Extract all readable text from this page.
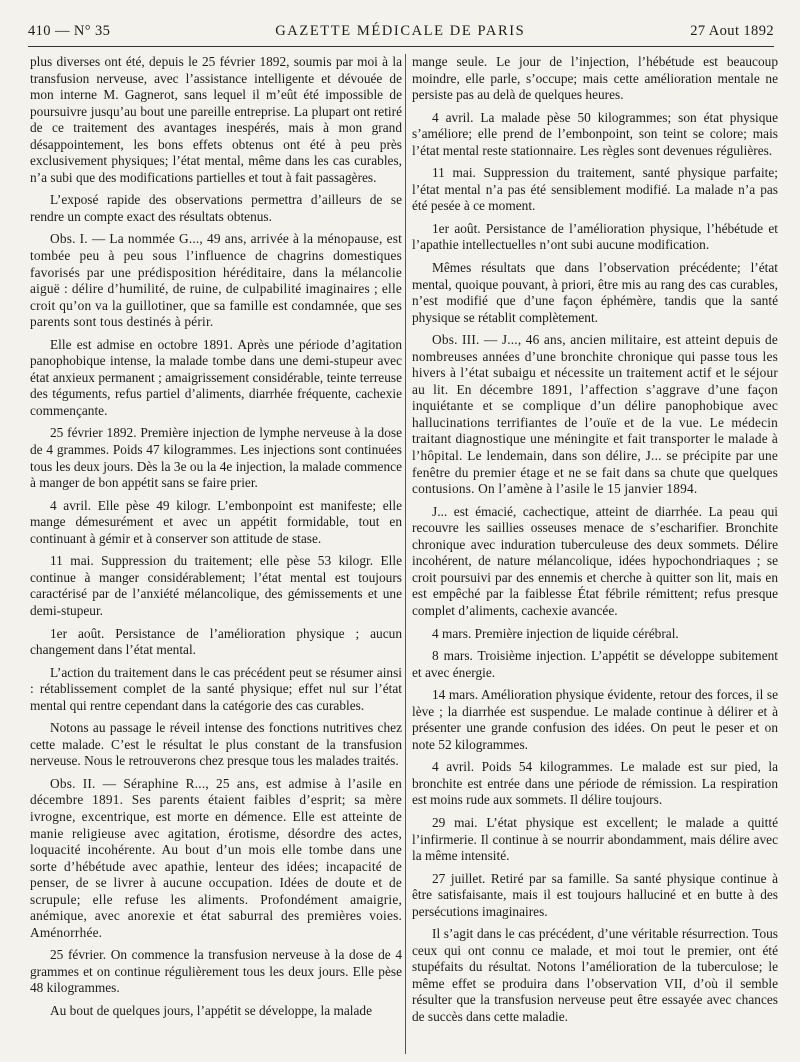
410 — N° 35	GAZETTE MÉDICALE DE PARIS	27 Aout 1892

plus diverses ont été, depuis le 25 février 1892, soumis par moi à la transfusion nerveuse, avec l’assistance intelligente et dévouée de mon interne M. Gagnerot, sans lequel il m’eût été impossible de poursuivre jusqu’au bout une pareille entreprise. La plupart ont retiré de ce traitement des avantages inespérés, mais à mon grand désappointement, les bons effets obtenus ont été à peu près exclusivement physiques; l’état mental, même dans les cas curables, n’a subi que des modifications partielles et tout à fait passagères.

L’exposé rapide des observations permettra d’ailleurs de se rendre un compte exact des résultats obtenus.

Obs. I. — La nommée G..., 49 ans, arrivée à la ménopause, est tombée peu à peu sous l’influence de chagrins domestiques favorisés par une prédisposition héréditaire, dans la mélancolie aiguë : délire d’humilité, de ruine, de culpabilité imaginaires ; elle croit qu’on va la guillotiner, que sa famille est condamnée, que ses parents sont tous destinés à périr.

Elle est admise en octobre 1891. Après une période d’agitation panophobique intense, la malade tombe dans une demi-stupeur avec état anxieux permanent ; amaigrissement considérable, teinte terreuse des téguments, refus partiel d’aliments, diarrhée fréquente, cachexie commençante.

25 février 1892. Première injection de lymphe nerveuse à la dose de 4 grammes. Poids 47 kilogrammes. Les injections sont continuées tous les deux jours. Dès la 3e ou la 4e injection, la malade commence à manger de bon appétit sans se faire prier.

4 avril. Elle pèse 49 kilogr. L’embonpoint est manifeste; elle mange démesurément et avec un appétit formidable, tout en continuant à gémir et à conserver son attitude de stase.

11 mai. Suppression du traitement; elle pèse 53 kilogr. Elle continue à manger considérablement; l’état mental est toujours caractérisé par de l’anxiété mélancolique, des gémissements et une demi-stupeur.

1er août. Persistance de l’amélioration physique ; aucun changement dans l’état mental.

L’action du traitement dans le cas précédent peut se résumer ainsi : rétablissement complet de la santé physique; effet nul sur l’état mental qui rentre cependant dans la catégorie des cas curables.

Notons au passage le réveil intense des fonctions nutritives chez cette malade. C’est le résultat le plus constant de la transfusion nerveuse. Nous le retrouverons chez presque tous les malades traités.

Obs. II. — Séraphine R..., 25 ans, est admise à l’asile en décembre 1891. Ses parents étaient faibles d’esprit; sa mère ivrogne, excentrique, est morte en démence. Elle est atteinte de manie religieuse avec agitation, érotisme, désordre des actes, loquacité incohérente. Au bout d’un mois elle tombe dans une sorte d’hébétude avec apathie, lenteur des idées; incapacité de penser, de se livrer à aucune occupation. Idées de doute et de scrupule; elle refuse les aliments. Profondément amaigrie, anémique, avec anorexie et état saburral des premières voies. Aménorrhée.

25 février. On commence la transfusion nerveuse à la dose de 4 grammes et on continue régulièrement tous les deux jours. Elle pèse 48 kilogrammes.

Au bout de quelques jours, l’appétit se développe, la malade

mange seule. Le jour de l’injection, l’hébétude est beaucoup moindre, elle parle, s’occupe; mais cette amélioration mentale ne persiste pas au delà de quelques heures.

4 avril. La malade pèse 50 kilogrammes; son état physique s’améliore; elle prend de l’embonpoint, son teint se colore; mais l’état mental reste stationnaire. Les règles sont devenues régulières.

11 mai. Suppression du traitement, santé physique parfaite; l’état mental n’a pas été sensiblement modifié. La malade n’a pas été pesée à ce moment.

1er août. Persistance de l’amélioration physique, l’hébétude et l’apathie intellectuelles n’ont subi aucune modification.

Mêmes résultats que dans l’observation précédente; l’état mental, quoique pouvant, à priori, être mis au rang des cas curables, n’est modifié que d’une façon éphémère, tandis que la santé physique se rétablit complètement.

Obs. III. — J..., 46 ans, ancien militaire, est atteint depuis de nombreuses années d’une bronchite chronique qui passe tous les hivers à l’état subaigu et nécessite un traitement actif et le séjour au lit. En décembre 1891, l’affection s’aggrave d’une façon inquiétante et se complique d’un délire panophobique avec hallucinations terrifiantes de l’ouïe et de la vue. Le médecin traitant diagnostique une méningite et fait transporter le malade à l’hôpital. Le lendemain, dans son délire, J... se précipite par une fenêtre du premier étage et ne se fait dans sa chute que quelques contusions. On l’amène à l’asile le 15 janvier 1894.

J... est émacié, cachectique, atteint de diarrhée. La peau qui recouvre les saillies osseuses menace de s’escharifier. Bronchite chronique avec induration tuberculeuse des deux sommets. Délire incohérent, de nature mélancolique, idées hypochondriaques ; se croit poursuivi par des ennemis et cherche à quitter son lit, mais en est empêché par la faiblesse État fébrile rémittent; refus presque complet d’aliments, cachexie avancée.

4 mars. Première injection de liquide cérébral.

8 mars. Troisième injection. L’appétit se développe subitement et avec énergie.

14 mars. Amélioration physique évidente, retour des forces, il se lève ; la diarrhée est suspendue. Le malade continue à délirer et à présenter une grande confusion des idées. On peut le peser et on note 52 kilogrammes.

4 avril. Poids 54 kilogrammes. Le malade est sur pied, la bronchite est entrée dans une période de rémission. La respiration est moins rude aux sommets. Il délire toujours.

29 mai. L’état physique est excellent; le malade a quitté l’infirmerie. Il continue à se nourrir abondamment, mais délire avec la même intensité.

27 juillet. Retiré par sa famille. Sa santé physique continue à être satisfaisante, mais il est toujours halluciné et en butte à des persécutions imaginaires.

Il s’agit dans le cas précédent, d’une véritable résurrection. Tous ceux qui ont connu ce malade, et moi tout le premier, ont été stupéfaits du résultat. Notons l’amélioration de la tuberculose; le même effet se produira dans l’observation VII, d’où il semble résulter que la transfusion nerveuse peut être essayée avec chances de succès dans cette maladie.
